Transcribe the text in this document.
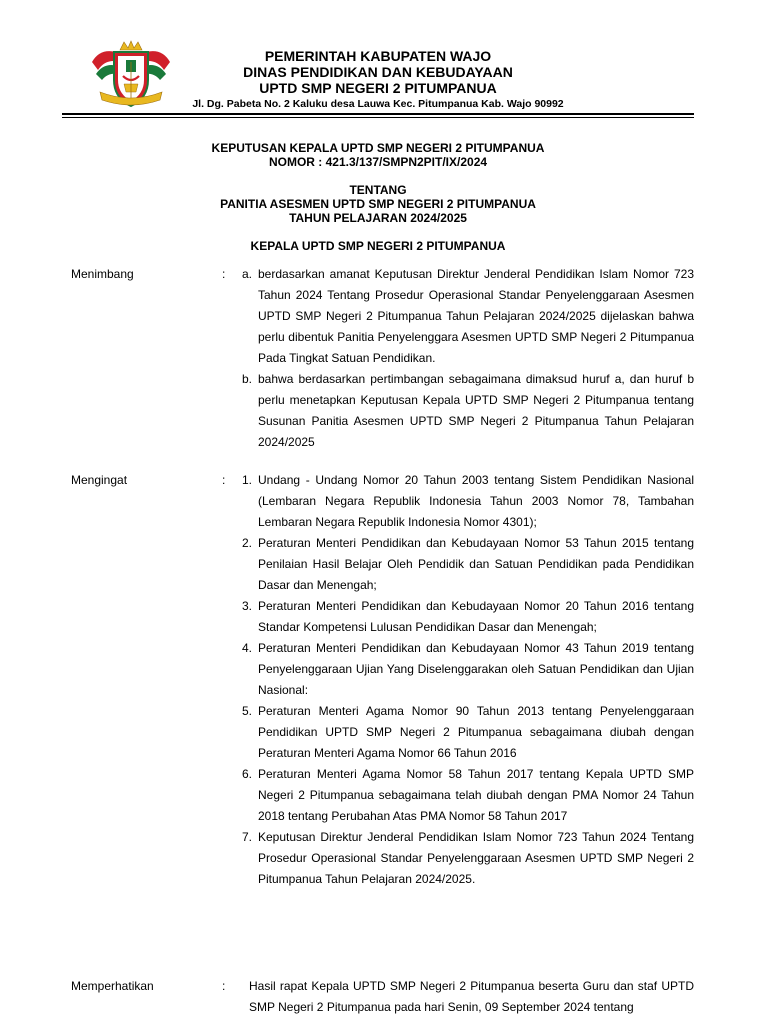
PEMERINTAH KABUPATEN WAJO
DINAS PENDIDIKAN DAN KEBUDAYAAN
UPTD SMP NEGERI 2 PITUMPANUA
Jl. Dg. Pabeta No. 2 Kaluku desa Lauwa Kec. Pitumpanua Kab. Wajo 90992
KEPUTUSAN KEPALA UPTD SMP NEGERI 2 PITUMPANUA
NOMOR : 421.3/137/SMPN2PIT/IX/2024
TENTANG
PANITIA ASESMEN UPTD SMP NEGERI 2 PITUMPANUA
TAHUN PELAJARAN 2024/2025
KEPALA UPTD SMP NEGERI 2 PITUMPANUA
Menimbang	:	a. berdasarkan amanat Keputusan Direktur Jenderal Pendidikan Islam Nomor 723 Tahun 2024 Tentang Prosedur Operasional Standar Penyelenggaraan Asesmen UPTD SMP Negeri 2 Pitumpanua Tahun Pelajaran 2024/2025 dijelaskan bahwa perlu dibentuk Panitia Penyelenggara Asesmen UPTD SMP Negeri 2 Pitumpanua Pada Tingkat Satuan Pendidikan.
b. bahwa berdasarkan pertimbangan sebagaimana dimaksud huruf a, dan huruf b perlu menetapkan Keputusan Kepala UPTD SMP Negeri 2 Pitumpanua tentang Susunan Panitia Asesmen UPTD SMP Negeri 2 Pitumpanua Tahun Pelajaran 2024/2025
Mengingat	:	1. Undang - Undang Nomor 20 Tahun 2003 tentang Sistem Pendidikan Nasional (Lembaran Negara Republik Indonesia Tahun 2003 Nomor 78, Tambahan Lembaran Negara Republik Indonesia Nomor 4301);
2. Peraturan Menteri Pendidikan dan Kebudayaan Nomor 53 Tahun 2015 tentang Penilaian Hasil Belajar Oleh Pendidik dan Satuan Pendidikan pada Pendidikan Dasar dan Menengah;
3. Peraturan Menteri Pendidikan dan Kebudayaan Nomor 20 Tahun 2016 tentang Standar Kompetensi Lulusan Pendidikan Dasar dan Menengah;
4. Peraturan Menteri Pendidikan dan Kebudayaan Nomor 43 Tahun 2019 tentang Penyelenggaraan Ujian Yang Diselenggarakan oleh Satuan Pendidikan dan Ujian Nasional:
5. Peraturan Menteri Agama Nomor 90 Tahun 2013 tentang Penyelenggaraan Pendidikan UPTD SMP Negeri 2 Pitumpanua sebagaimana diubah dengan Peraturan Menteri Agama Nomor 66 Tahun 2016
6. Peraturan Menteri Agama Nomor 58 Tahun 2017 tentang Kepala UPTD SMP Negeri 2 Pitumpanua sebagaimana telah diubah dengan PMA Nomor 24 Tahun 2018 tentang Perubahan Atas PMA Nomor 58 Tahun 2017
7. Keputusan Direktur Jenderal Pendidikan Islam Nomor 723 Tahun 2024 Tentang Prosedur Operasional Standar Penyelenggaraan Asesmen UPTD SMP Negeri 2 Pitumpanua Tahun Pelajaran 2024/2025.
Memperhatikan	: Hasil rapat Kepala UPTD SMP Negeri 2 Pitumpanua beserta Guru dan staf UPTD SMP Negeri 2 Pitumpanua pada hari Senin, 09 September 2024 tentang
